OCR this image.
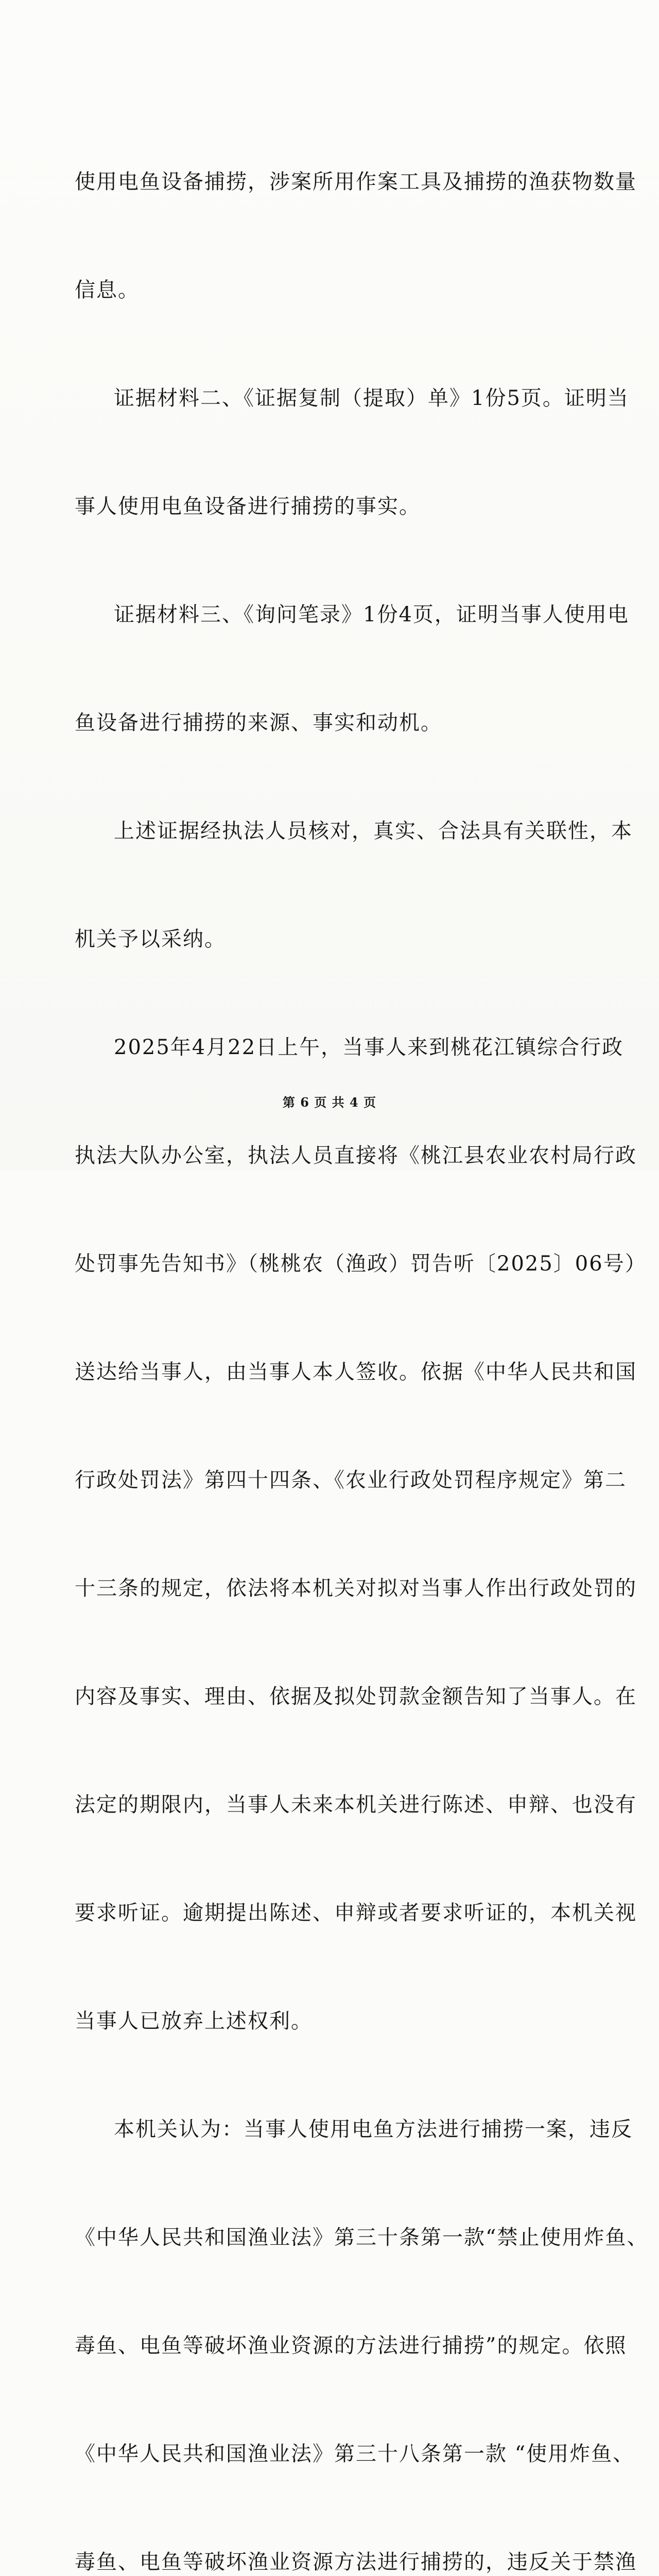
使用电鱼设备捕捞，涉案所用作案工具及捕捞的渔获物数量

信息。

证据材料二、《证据复制（提取）单》1份5页。证明当

事人使用电鱼设备进行捕捞的事实。

证据材料三、《询问笔录》1份4页，证明当事人使用电

鱼设备进行捕捞的来源、事实和动机。

上述证据经执法人员核对，真实、合法具有关联性，本

机关予以采纳。

2025年4月22日上午，当事人来到桃花江镇综合行政

执法大队办公室，执法人员直接将《桃江县农业农村局行政

处罚事先告知书》（桃桃农（渔政）罚告听〔2025〕06号）

送达给当事人，由当事人本人签收。依据《中华人民共和国

行政处罚法》第四十四条、《农业行政处罚程序规定》第二

十三条的规定，依法将本机关对拟对当事人作出行政处罚的

内容及事实、理由、依据及拟处罚款金额告知了当事人。在

法定的期限内，当事人未来本机关进行陈述、申辩、也没有

要求听证。逾期提出陈述、申辩或者要求听证的，本机关视

当事人已放弃上述权利。

本机关认为：当事人使用电鱼方法进行捕捞一案，违反

《中华人民共和国渔业法》第三十条第一款“禁止使用炸鱼、

毒鱼、电鱼等破坏渔业资源的方法进行捕捞”的规定。依照

《中华人民共和国渔业法》第三十八条第一款 “使用炸鱼、

毒鱼、电鱼等破坏渔业资源方法进行捕捞的，违反关于禁渔

第 6 页 共 4 页
